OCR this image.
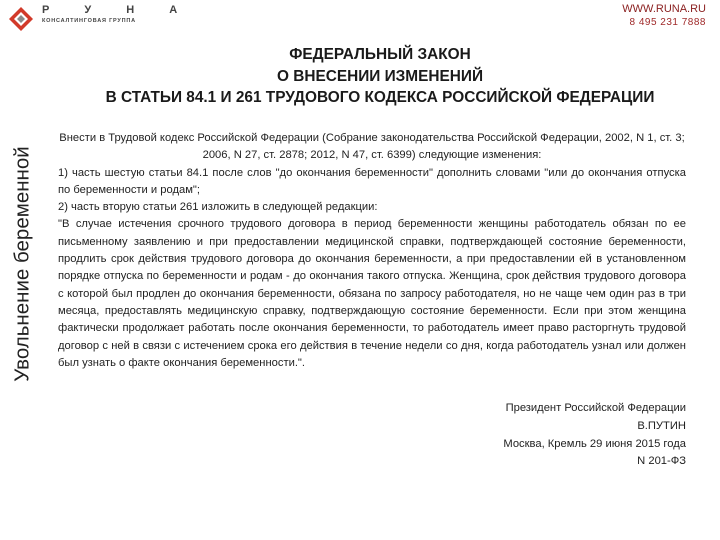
Р У Н А
КОНСАЛТИНГОВАЯ ГРУППА
WWW.RUNA.RU
8 495 231 7888
Увольнение беременной
ФЕДЕРАЛЬНЫЙ ЗАКОН
О ВНЕСЕНИИ ИЗМЕНЕНИЙ
В СТАТЬИ 84.1 И 261 ТРУДОВОГО КОДЕКСА РОССИЙСКОЙ ФЕДЕРАЦИИ

Внести в Трудовой кодекс Российской Федерации (Собрание законодательства Российской Федерации, 2002, N 1, ст. 3; 2006, N 27, ст. 2878; 2012, N 47, ст. 6399) следующие изменения:

1) часть шестую статьи 84.1 после слов "до окончания беременности" дополнить словами "или до окончания отпуска по беременности и родам";

2) часть вторую статьи 261 изложить в следующей редакции:

"В случае истечения срочного трудового договора в период беременности женщины работодатель обязан по ее письменному заявлению и при предоставлении медицинской справки, подтверждающей состояние беременности, продлить срок действия трудового договора до окончания беременности, а при предоставлении ей в установленном порядке отпуска по беременности и родам - до окончания такого отпуска. Женщина, срок действия трудового договора с которой был продлен до окончания беременности, обязана по запросу работодателя, но не чаще чем один раз в три месяца, предоставлять медицинскую справку, подтверждающую состояние беременности. Если при этом женщина фактически продолжает работать после окончания беременности, то работодатель имеет право расторгнуть трудовой договор с ней в связи с истечением срока его действия в течение недели со дня, когда работодатель узнал или должен был узнать о факте окончания беременности.".

Президент Российской Федерации
В.ПУТИН
Москва, Кремль 29 июня 2015 года
N 201-ФЗ
